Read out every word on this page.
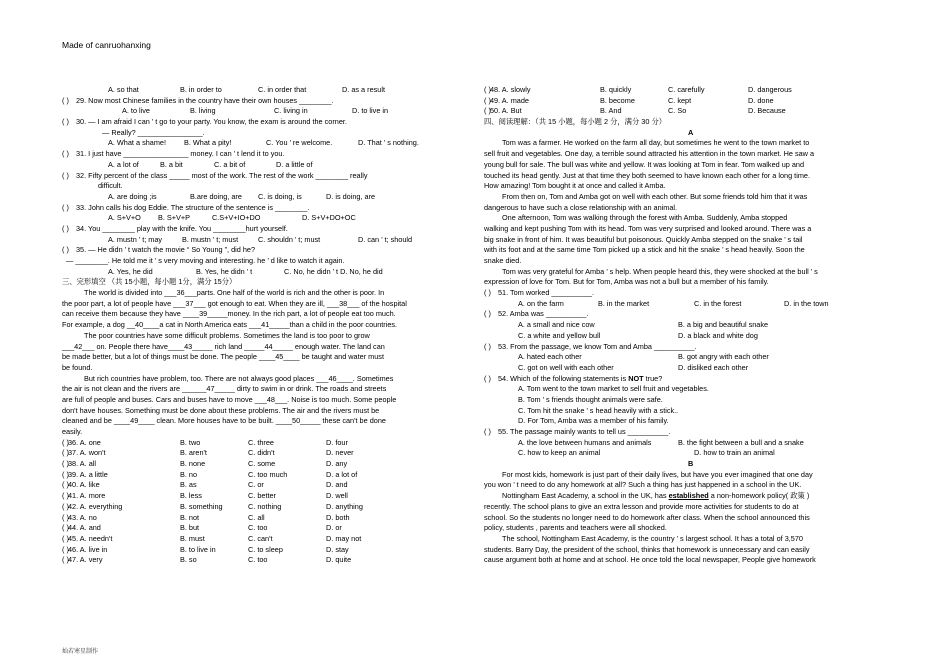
Made of canruohanxing
A. so that	B. in order to	C. in order that	D. as a result
( ) 29. Now most Chinese families in the country have their own houses ________.
A. to live	B. living	C. living in	D. to live in
( ) 30. — I am afraid I can ’ t go to your party. You know, the exam is around the corner.
— Really? ________________.
A. What a shame! B. What a pity!	C. You ’ re welcome.	D. That ’ s nothing.
( ) 31. I just have ________________ money. I can ’ t lend it to you.
A. a lot of	B. a bit	C. a bit of	D. a little of
( ) 32. Fifty percent of the class _____ most of the work. The rest of the work ________ really
difficult.
A. are doing ;is	B.are doing, are C. is doing, is	D. is doing, are
( ) 33. John calls his dog Eddie. The structure of the sentence is ________.
A. S+V+O B. S+V+P	C.S+V+IO+DO	D. S+V+DO+OC
( ) 34. You ________ play with the knife. You ________hurt yourself.
A. mustn ’ t; may	B. mustn ’ t; must	C. shouldn ’ t; must	D. can ’ t; should
( ) 35. — He didn ’ t watch the movie “ So Young ”, did he?
— ________. He told me it ’ s very moving and interesting. he ’ d like to watch it again.
A. Yes, he did	B. Yes, he didn ’ t	C. No, he didn ’ t D. No, he did
三、完形填空 （共 15小题，每小题 1分，满分 15分）
The world is divided into ___36___parts. One half of the world is rich and the other is poor. In
the poor part, a lot of people have ___37___ got enough to eat. When they are ill, ___38___ of the hospital
can receive them because they have ____39_____money. In the rich part, a lot of people eat too much.
For example, a dog __40____a cat in North America eats ___41_____than a child in the poor countries.
The poor countries have some difficult problems. Sometimes the land is too poor to grow
___42___ on. People there have____43_____ rich land _____44_____ enough water. The land can
be made better, but a lot of things must be done. The people ____45____ be taught and water must
be found.
But rich countries have problem, too. There are not always good places ___46____. Sometimes
the air is not clean and the rivers are ______47_____ dirty to swim in or drink. The roads and streets
are full of people and buses. Cars and buses have to move ___48___. Noise is too much. Some people
don't have houses. Something must be done about these problems. The air and the rivers must be
cleaned and be ____49____ clean. More houses have to be built. ____50_____ these can't be done
easily.
( ) 36. A. one	B. two	C. three	D. four
( ) 37. A. won't	B. aren't	C. didn't	D. never
( ) 38. A. all	B. none	C. some	D. any
( ) 39. A. a little	B. no	C. too much	D. a lot of
( ) 40. A. like	B. as	C. or	D. and
( ) 41. A. more	B. less	C. better	D. well
( ) 42. A. everything	B. something	C. nothing	D. anything
( ) 43. A. no	B. not	C. all	D. both
( ) 44. A. and	B. but	C. too	D. or
( ) 45. A. needn't	B. must	C. can't	D. may not
( ) 46. A. live in	B. to live in	C. to sleep	D. stay
( ) 47. A. very	B. so	C. too	D. quite
( ) 48. A. slowly	B. quickly	C. carefully	D. dangerous
( ) 49. A. made	B. become	C. kept	D. done
( ) 50. A. But	B. And	C. So	D. Because
四、阅读理解：（共 15 小题，每小题 2 分，满分 30 分）
A
Tom was a farmer. He worked on the farm all day, but sometimes he went to the town market to
sell fruit and vegetables. One day, a terrible sound attracted his attention in the town market. He saw a
young bull for sale. The bull was white and yellow. It was looking at Tom in fear. Tom walked up and
touched its head gently. Just at that time they both seemed to have known each other for a long time.
How amazing! Tom bought it at once and called it Amba.
From then on, Tom and Amba got on well with each other. But some friends told him that it was
dangerous to have such a close relationship with an animal.
One afternoon, Tom was walking through the forest with Amba. Suddenly, Amba stopped
walking and kept pushing Tom with its head. Tom was very surprised and looked around. There was a
big snake in front of him. It was beautiful but poisonous. Quickly Amba stepped on the snake ’ s tail
with its foot and at the same time Tom picked up a stick and hit the snake ’ s head heavily. Soon the
snake died.
Tom was very grateful for Amba ’ s help. When people heard this, they were shocked at the bull ’ s
expression of love for Tom. But for Tom, Amba was not a bull but a member of his family.
( ) 51. Tom worked __________.
A. on the farm	B. in the market	C. in the forest	D. in the town
( ) 52. Amba was __________.
A. a small and nice cow	B. a big and beautiful snake
C. a white and yellow bull	D. a black and white dog
( ) 53. From the passage, we know Tom and Amba __________.
A. hated each other	B. got angry with each other
C. got on well with each other	D. disliked each other
( ) 54. Which of the following statements is NOT true?
A. Tom went to the town market to sell fruit and vegetables.
B. Tom ’ s friends thought animals were safe.
C. Tom hit the snake ’ s head heavily with a stick..
D. For Tom, Amba was a member of his family.
( ) 55. The passage mainly wants to tell us __________.
A. the love between humans and animals	B. the fight between a bull and a snake
C. how to keep an animal	D. how to train an animal
B
For most kids, homework is just part of their daily lives, but have you ever imagined that one day
you won ’ t need to do any homework at all? Such a thing has just happened in a school in the UK.
Nottingham East Academy, a school in the UK, has established a non-homework policy( 政策 )
recently. The school plans to give an extra lesson and provide more activities for students to do at
school. So the students no longer need to do homework after class. When the school announced this
policy, students , parents and teachers were all shocked.
The school, Nottingham East Academy, is the country ’ s largest school. It has a total of 3,570
students. Barry Day, the president of the school, thinks that homework is unnecessary and can easily
cause argument both at home and at school. He once told the local newspaper, People give homework
灿若寒星制作
